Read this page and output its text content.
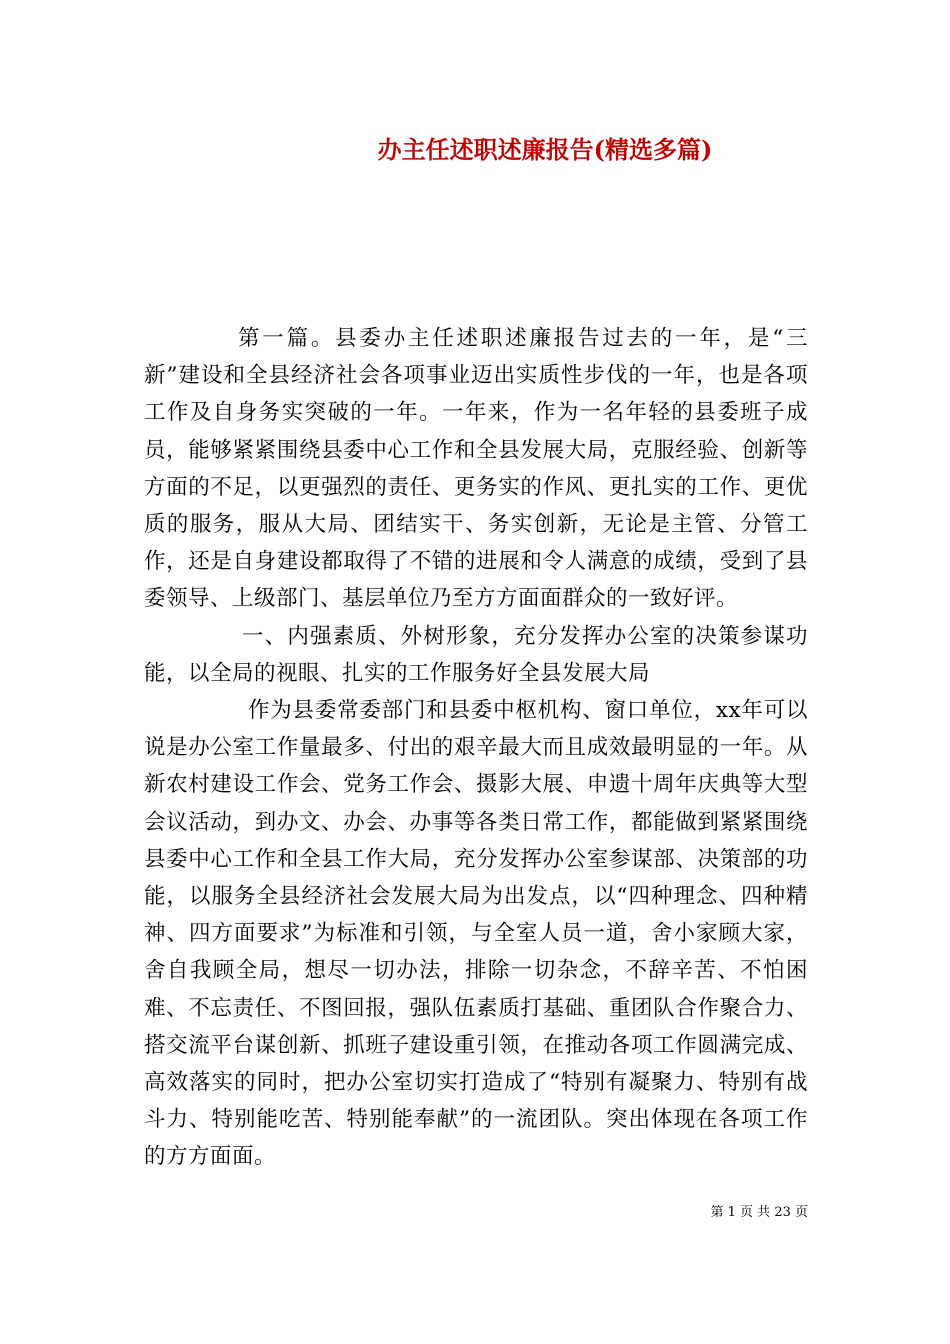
办主任述职述廉报告(精选多篇)

第一篇。县委办主任述职述廉报告过去的一年，是“三新”建设和全县经济社会各项事业迈出实质性步伐的一年，也是各项工作及自身务实突破的一年。一年来，作为一名年轻的县委班子成员，能够紧紧围绕县委中心工作和全县发展大局，克服经验、创新等方面的不足，以更强烈的责任、更务实的作风、更扎实的工作、更优质的服务，服从大局、团结实干、务实创新，无论是主管、分管工作，还是自身建设都取得了不错的进展和令人满意的成绩，受到了县委领导、上级部门、基层单位乃至方方面面群众的一致好评。

一、内强素质、外树形象，充分发挥办公室的决策参谋功能，以全局的视眼、扎实的工作服务好全县发展大局

作为县委常委部门和县委中枢机构、窗口单位，xx年可以说是办公室工作量最多、付出的艰辛最大而且成效最明显的一年。从新农村建设工作会、党务工作会、摄影大展、申遗十周年庆典等大型会议活动，到办文、办会、办事等各类日常工作，都能做到紧紧围绕县委中心工作和全县工作大局，充分发挥办公室参谋部、决策部的功能，以服务全县经济社会发展大局为出发点，以“四种理念、四种精神、四方面要求”为标准和引领，与全室人员一道，舍小家顾大家，舍自我顾全局，想尽一切办法，排除一切杂念，不辞辛苦、不怕困难、不忘责任、不图回报，强队伍素质打基础、重团队合作聚合力、搭交流平台谋创新、抓班子建设重引领，在推动各项工作圆满完成、高效落实的同时，把办公室切实打造成了“特别有凝聚力、特别有战斗力、特别能吃苦、特别能奉献”的一流团队。突出体现在各项工作的方方面面。

第 1 页 共 23 页
